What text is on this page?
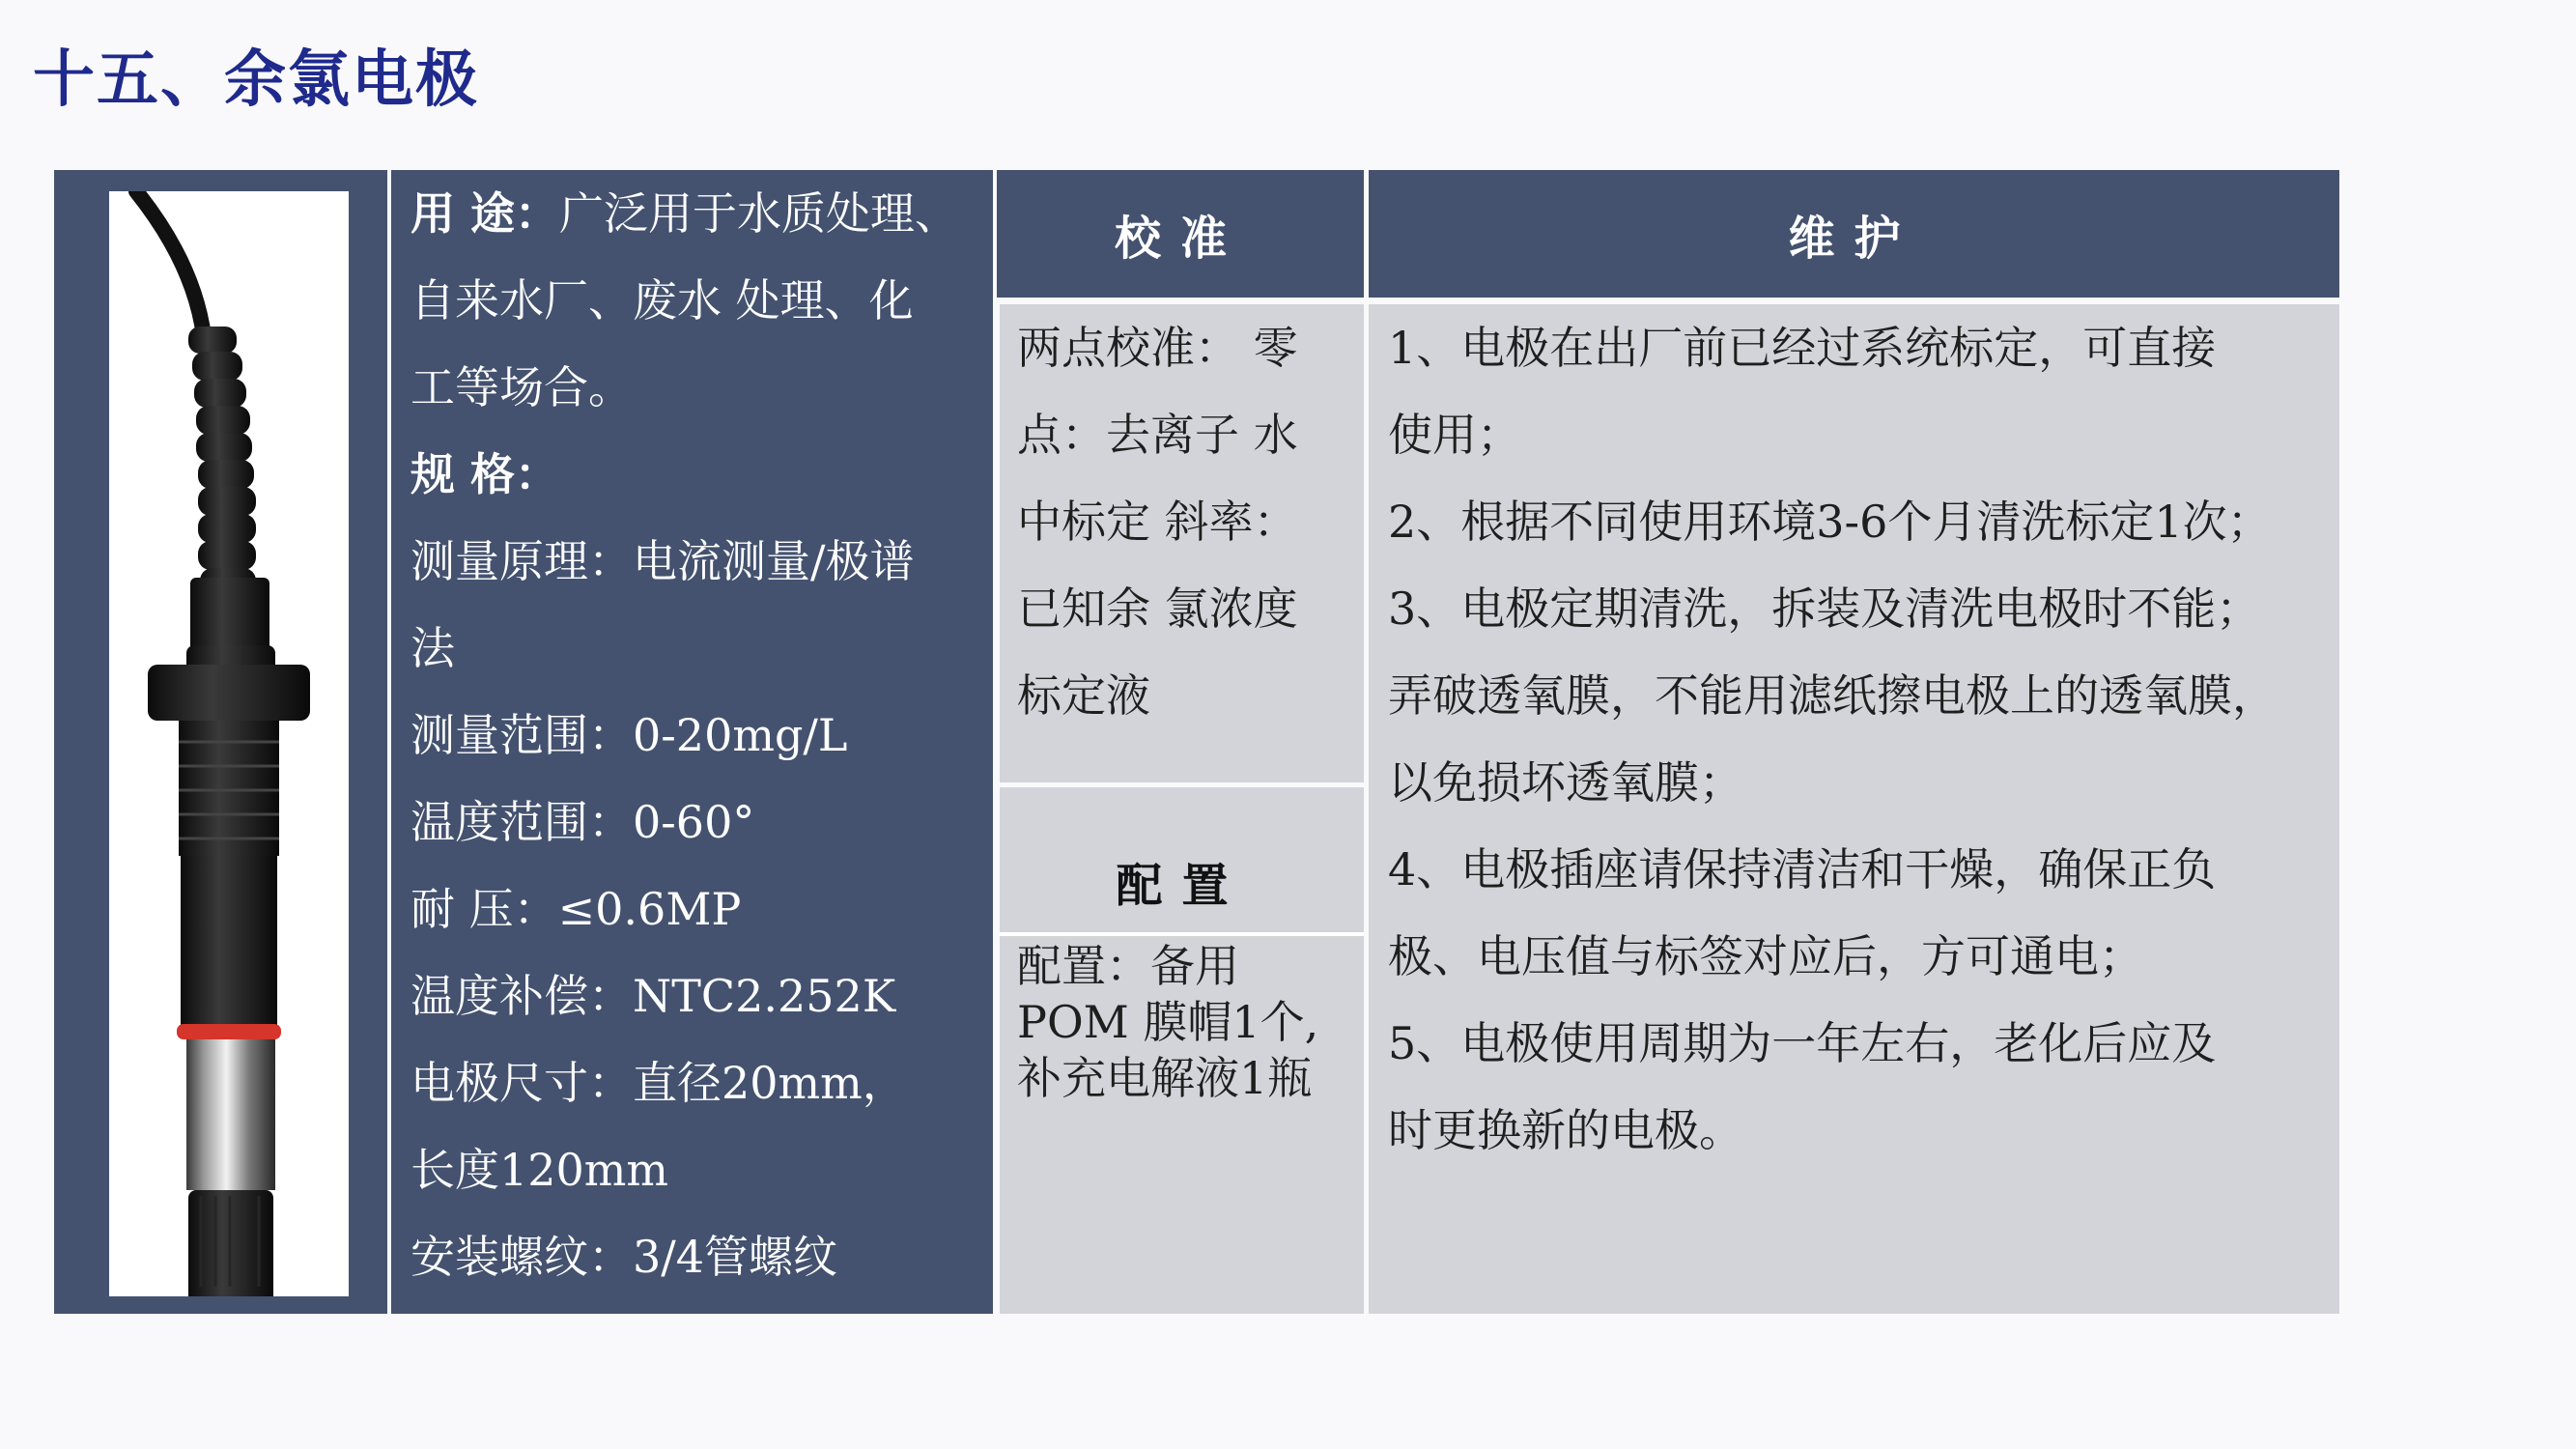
十五、余氯电极
用 途：广泛用于水质处理、
自来水厂、废水 处理、化
工等场合。
规 格：
测量原理：电流测量/极谱
法
测量范围：0-20mg/L
温度范围：0-60°
耐 压：≤0.6MP
温度补偿：NTC2.252K
电极尺寸：直径20mm，
长度120mm
安装螺纹：3/4管螺纹
校准	维护
两点校准： 零
点：去离子 水
中标定 斜率：
已知余 氯浓度
标定液
配置
配置：备用
POM 膜帽1个,
补充电解液1瓶
1、电极在出厂前已经过系统标定，可直接
使用；
2、根据不同使用环境3-6个月清洗标定1次；
3、电极定期清洗，拆装及清洗电极时不能；
弄破透氧膜，不能用滤纸擦电极上的透氧膜，
以免损坏透氧膜；
4、电极插座请保持清洁和干燥，确保正负
极、电压值与标签对应后，方可通电；
5、电极使用周期为一年左右，老化后应及
时更换新的电极。
